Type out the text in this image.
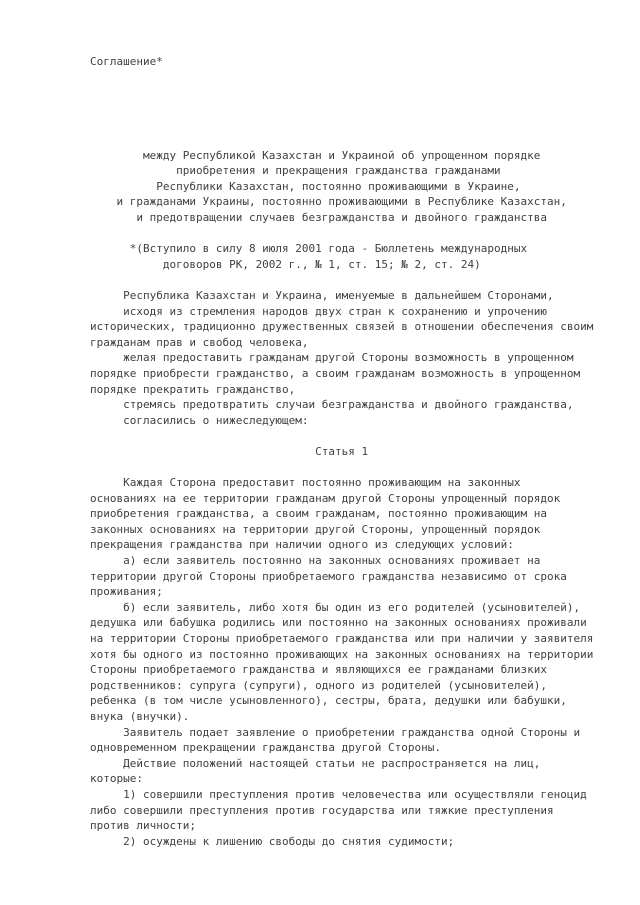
Соглашение*
между Республикой Казахстан и Украиной об упрощенном порядке
приобретения и прекращения гражданства гражданами
Республики Казахстан, постоянно проживающими в Украине,
и гражданами Украины, постоянно проживающими в Республике Казахстан,
и предотвращении случаев безгражданства и двойного гражданства
*(Вступило в силу 8 июля 2001 года - Бюллетень международных
договоров РК, 2002 г., № 1, ст. 15; № 2, ст. 24)
Республика Казахстан и Украина, именуемые в дальнейшем Сторонами,
исходя из стремления народов двух стран к сохранению и упрочению
исторических, традиционно дружественных связей в отношении обеспечения своим
гражданам прав и свобод человека,
желая предоставить гражданам другой Стороны возможность в упрощенном
порядке приобрести гражданство, а своим гражданам возможность в упрощенном
порядке прекратить гражданство,
стремясь предотвратить случаи безгражданства и двойного гражданства,
согласились о нижеследующем:
Статья 1
Каждая Сторона предоставит постоянно проживающим на законных
основаниях на ее территории гражданам другой Стороны упрощенный порядок
приобретения гражданства, а своим гражданам, постоянно проживающим на
законных основаниях на территории другой Стороны, упрощенный порядок
прекращения гражданства при наличии одного из следующих условий:
а) если заявитель постоянно на законных основаниях проживает на
территории другой Стороны приобретаемого гражданства независимо от срока
проживания;
б) если заявитель, либо хотя бы один из его родителей (усыновителей),
дедушка или бабушка родились или постоянно на законных основаниях проживали
на территории Стороны приобретаемого гражданства или при наличии у заявителя
хотя бы одного из постоянно проживающих на законных основаниях на территории
Стороны приобретаемого гражданства и являющихся ее гражданами близких
родственников: супруга (супруги), одного из родителей (усыновителей),
ребенка (в том числе усыновленного), сестры, брата, дедушки или бабушки,
внука (внучки).
Заявитель подает заявление о приобретении гражданства одной Стороны и
одновременном прекращении гражданства другой Стороны.
Действие положений настоящей статьи не распространяется на лиц,
которые:
1) совершили преступления против человечества или осуществляли геноцид
либо совершили преступления против государства или тяжкие преступления
против личности;
2) осуждены к лишению свободы до снятия судимости;
